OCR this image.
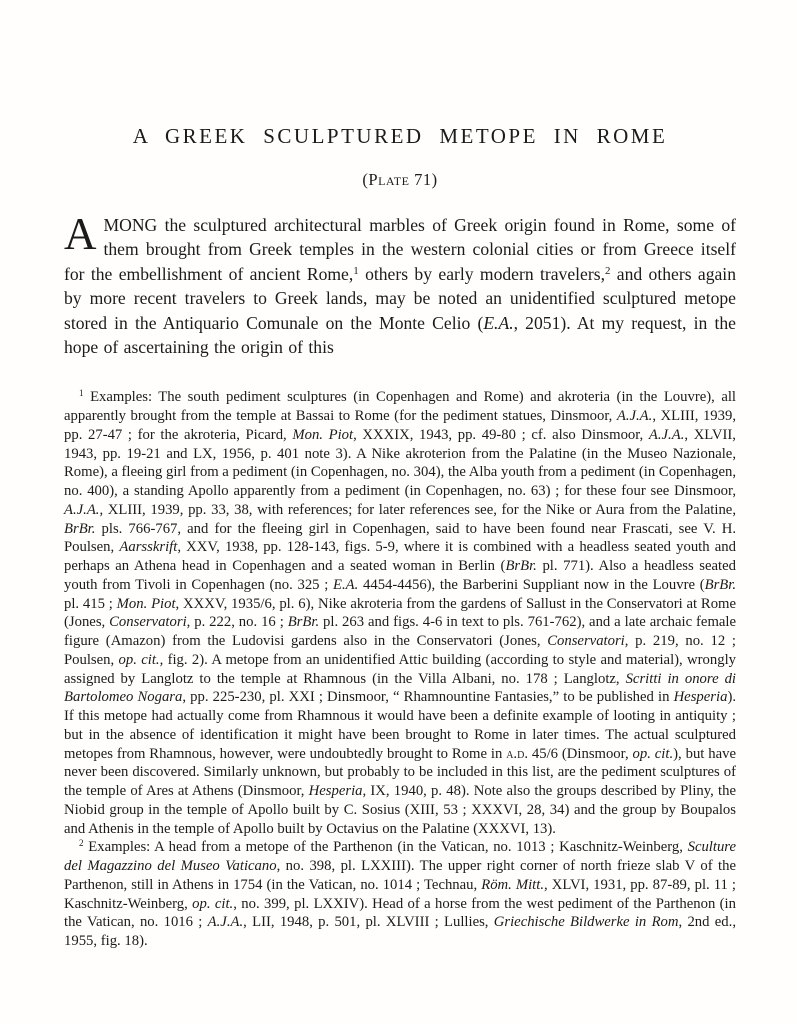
A GREEK SCULPTURED METOPE IN ROME
(Plate 71)

AMONG the sculptured architectural marbles of Greek origin found in Rome, some of them brought from Greek temples in the western colonial cities or from Greece itself for the embellishment of ancient Rome,$^1$ others by early modern travelers,$^2$ and others again by more recent travelers to Greek lands, may be noted an unidentified sculptured metope stored in the Antiquario Comunale on the Monte Celio (E.A., 2051). At my request, in the hope of ascertaining the origin of this

$^1$ Examples: The south pediment sculptures (in Copenhagen and Rome) and akroteria (in the Louvre), all apparently brought from the temple at Bassai to Rome (for the pediment statues, Dinsmoor, A.J.A., XLIII, 1939, pp. 27-47 ; for the akroteria, Picard, Mon. Piot, XXXIX, 1943, pp. 49-80 ; cf. also Dinsmoor, A.J.A., XLVII, 1943, pp. 19-21 and LX, 1956, p. 401 note 3). A Nike akroterion from the Palatine (in the Museo Nazionale, Rome), a fleeing girl from a pediment (in Copenhagen, no. 304), the Alba youth from a pediment (in Copenhagen, no. 400), a standing Apollo apparently from a pediment (in Copenhagen, no. 63) ; for these four see Dinsmoor, A.J.A., XLIII, 1939, pp. 33, 38, with references; for later references see, for the Nike or Aura from the Palatine, BrBr. pls. 766-767, and for the fleeing girl in Copenhagen, said to have been found near Frascati, see V. H. Poulsen, Aarsskrift, XXV, 1938, pp. 128-143, figs. 5-9, where it is combined with a headless seated youth and perhaps an Athena head in Copenhagen and a seated woman in Berlin (BrBr. pl. 771). Also a headless seated youth from Tivoli in Copenhagen (no. 325 ; E.A. 4454-4456), the Barberini Suppliant now in the Louvre (BrBr. pl. 415 ; Mon. Piot, XXXV, 1935/6, pl. 6), Nike akroteria from the gardens of Sallust in the Conservatori at Rome (Jones, Conservatori, p. 222, no. 16 ; BrBr. pl. 263 and figs. 4-6 in text to pls. 761-762), and a late archaic female figure (Amazon) from the Ludovisi gardens also in the Conservatori (Jones, Conservatori, p. 219, no. 12 ; Poulsen, op. cit., fig. 2). A metope from an unidentified Attic building (according to style and material), wrongly assigned by Langlotz to the temple at Rhamnous (in the Villa Albani, no. 178 ; Langlotz, Scritti in onore di Bartolomeo Nogara, pp. 225-230, pl. XXI ; Dinsmoor, “ Rhamnountine Fantasies,” to be published in Hesperia). If this metope had actually come from Rhamnous it would have been a definite example of looting in antiquity ; but in the absence of identification it might have been brought to Rome in later times. The actual sculptured metopes from Rhamnous, however, were undoubtedly brought to Rome in a.d. 45/6 (Dinsmoor, op. cit.), but have never been discovered. Similarly unknown, but probably to be included in this list, are the pediment sculptures of the temple of Ares at Athens (Dinsmoor, Hesperia, IX, 1940, p. 48). Note also the groups described by Pliny, the Niobid group in the temple of Apollo built by C. Sosius (XIII, 53 ; XXXVI, 28, 34) and the group by Boupalos and Athenis in the temple of Apollo built by Octavius on the Palatine (XXXVI, 13).

$^2$ Examples: A head from a metope of the Parthenon (in the Vatican, no. 1013 ; Kaschnitz-Weinberg, Sculture del Magazzino del Museo Vaticano, no. 398, pl. LXXIII). The upper right corner of north frieze slab V of the Parthenon, still in Athens in 1754 (in the Vatican, no. 1014 ; Technau, Röm. Mitt., XLVI, 1931, pp. 87-89, pl. 11 ; Kaschnitz-Weinberg, op. cit., no. 399, pl. LXXIV). Head of a horse from the west pediment of the Parthenon (in the Vatican, no. 1016 ; A.J.A., LII, 1948, p. 501, pl. XLVIII ; Lullies, Griechische Bildwerke in Rom, 2nd ed., 1955, fig. 18).
